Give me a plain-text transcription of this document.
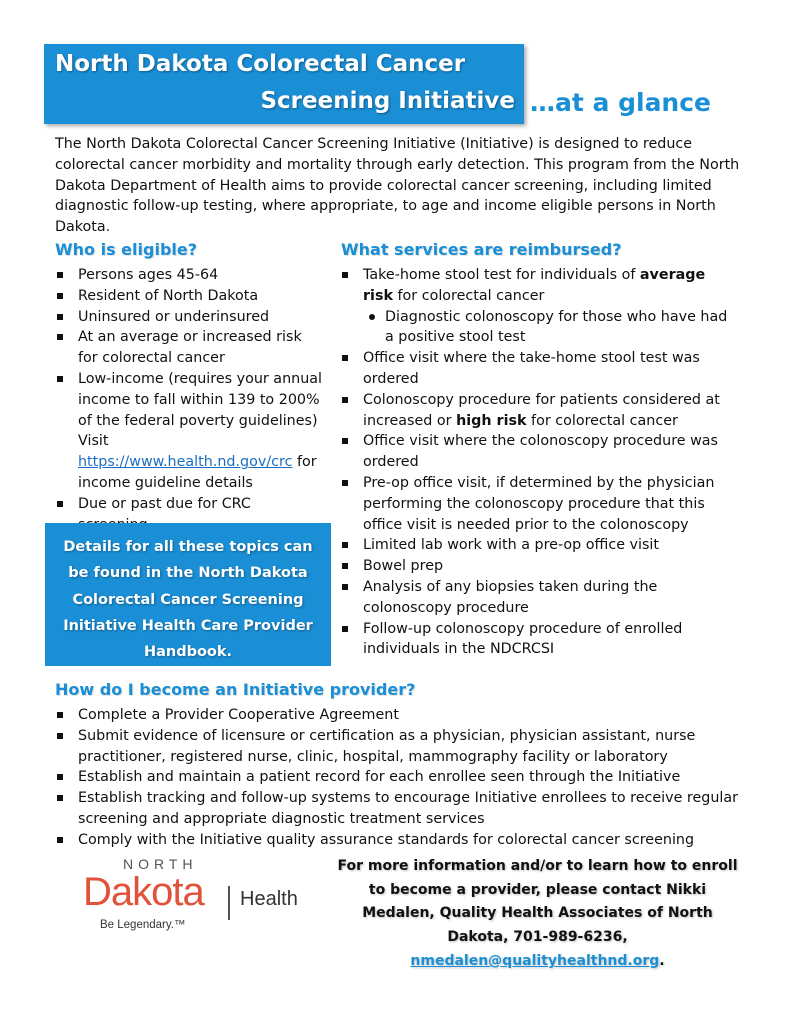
North Dakota Colorectal Cancer
Screening Initiative …at a glance

The North Dakota Colorectal Cancer Screening Initiative (Initiative) is designed to reduce colorectal cancer morbidity and mortality through early detection. This program from the North Dakota Department of Health aims to provide colorectal cancer screening, including limited diagnostic follow-up testing, where appropriate, to age and income eligible persons in North Dakota.

Who is eligible?
Persons ages 45-64
Resident of North Dakota
Uninsured or underinsured
At an average or increased risk for colorectal cancer
Low-income (requires your annual income to fall within 139 to 200% of the federal poverty guidelines) Visit https://www.health.nd.gov/crc for income guideline details
Due or past due for CRC
Details for all these topics can be found in the North Dakota Colorectal Cancer Screening Initiative Health Care Provider Handbook.
What services are reimbursed?
Take-home stool test for individuals of average risk for colorectal cancer
Diagnostic colonoscopy for those who have had a positive stool test
Office visit where the take-home stool test was ordered
Colonoscopy procedure for patients considered at increased or high risk for colorectal cancer
Office visit where the colonoscopy procedure was ordered
Pre-op office visit, if determined by the physician performing the colonoscopy procedure that this office visit is needed prior to the colonoscopy
Limited lab work with a pre-op office visit
Bowel prep
Analysis of any biopsies taken during the colonoscopy procedure
Follow-up colonoscopy procedure of enrolled individuals in the NDCRCSI
How do I become an Initiative provider?
Complete a Provider Cooperative Agreement
Submit evidence of licensure or certification as a physician, physician assistant, nurse practitioner, registered nurse, clinic, hospital, mammography facility or laboratory
Establish and maintain a patient record for each enrollee seen through the Initiative
Establish tracking and follow-up systems to encourage Initiative enrollees to receive regular screening and appropriate diagnostic treatment services
Comply with the Initiative quality assurance standards for colorectal cancer screening
NORTH
Dakota Health
Be Legendary.™
For more information and/or to learn how to enroll to become a provider, please contact Nikki Medalen, Quality Health Associates of North Dakota, 701-989-6236, nmedalen@qualityhealthnd.org.
